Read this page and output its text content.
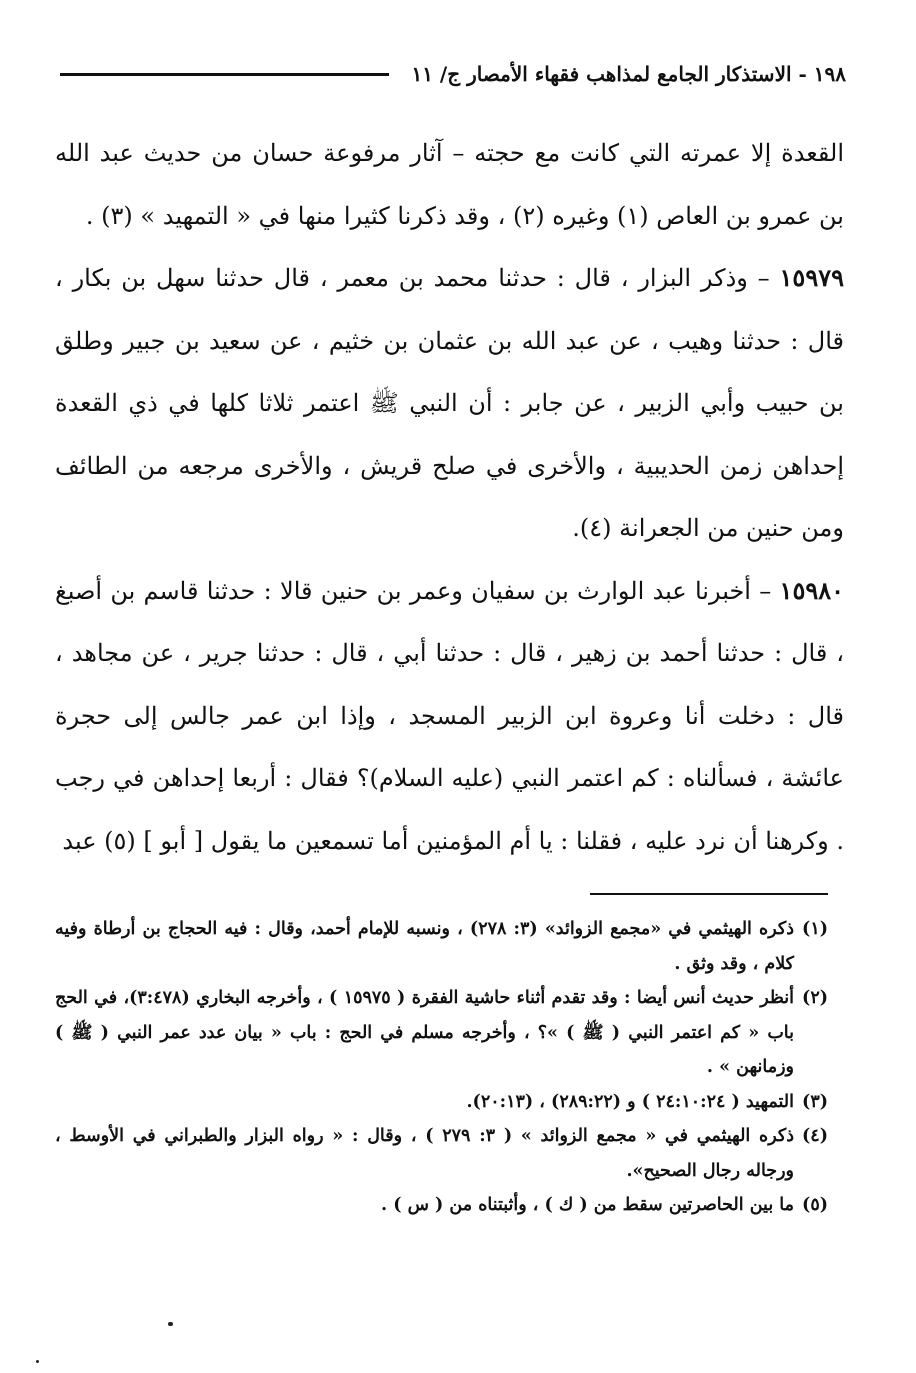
١٩٨ - الاستذكار الجامع لمذاهب فقهاء الأمصار ج/ ١١

القعدة إلا عمرته التي كانت مع حجته – آثار مرفوعة حسان من حديث عبد الله بن عمرو بن العاص (١) وغيره (٢) ، وقد ذكرنا كثيرا منها في « التمهيد » (٣) .

١٥٩٧٩ – وذكر البزار ، قال : حدثنا محمد بن معمر ، قال حدثنا سهل بن بكار ، قال : حدثنا وهيب ، عن عبد الله بن عثمان بن خثيم ، عن سعيد بن جبير وطلق بن حبيب وأبي الزبير ، عن جابر : أن النبي ﷺ اعتمر ثلاثا كلها في ذي القعدة إحداهن زمن الحديبية ، والأخرى في صلح قريش ، والأخرى مرجعه من الطائف ومن حنين من الجعرانة (٤).

١٥٩٨٠ – أخبرنا عبد الوارث بن سفيان وعمر بن حنين قالا : حدثنا قاسم بن أصبغ ، قال : حدثنا أحمد بن زهير ، قال : حدثنا أبي ، قال : حدثنا جرير ، عن مجاهد ، قال : دخلت أنا وعروة ابن الزبير المسجد ، وإذا ابن عمر جالس إلى حجرة عائشة ، فسألناه : كم اعتمر النبي (عليه السلام)؟ فقال : أربعا إحداهن في رجب . وكرهنا أن نرد عليه ، فقلنا : يا أم المؤمنين أما تسمعين ما يقول [ أبو ] (٥) عبد

(١)ذكره الهيثمي في «مجمع الزوائد» (٣: ٢٧٨) ، ونسبه للإمام أحمد، وقال : فيه الحجاج بن أرطاة وفيه كلام ، وقد وثق .

(٢)أنظر حديث أنس أيضا : وقد تقدم أثناء حاشية الفقرة ( ١٥٩٧٥ ) ، وأخرجه البخاري (٣:٤٧٨)، في الحج باب « كم اعتمر النبي ( ﷺ ) »؟ ، وأخرجه مسلم في الحج : باب « بيان عدد عمر النبي ( ﷺ ) وزمانهن » .

(٣)التمهيد ( ٢٤:١٠:٢٤ ) و (٢٨٩:٢٢) ، (٢٠:١٣).

(٤)ذكره الهيثمي في « مجمع الزوائد » ( ٣: ٢٧٩ ) ، وقال : « رواه البزار والطبراني في الأوسط ، ورجاله رجال الصحيح».

(٥)ما بين الحاصرتين سقط من ( ك ) ، وأثبتناه من ( س ) .
